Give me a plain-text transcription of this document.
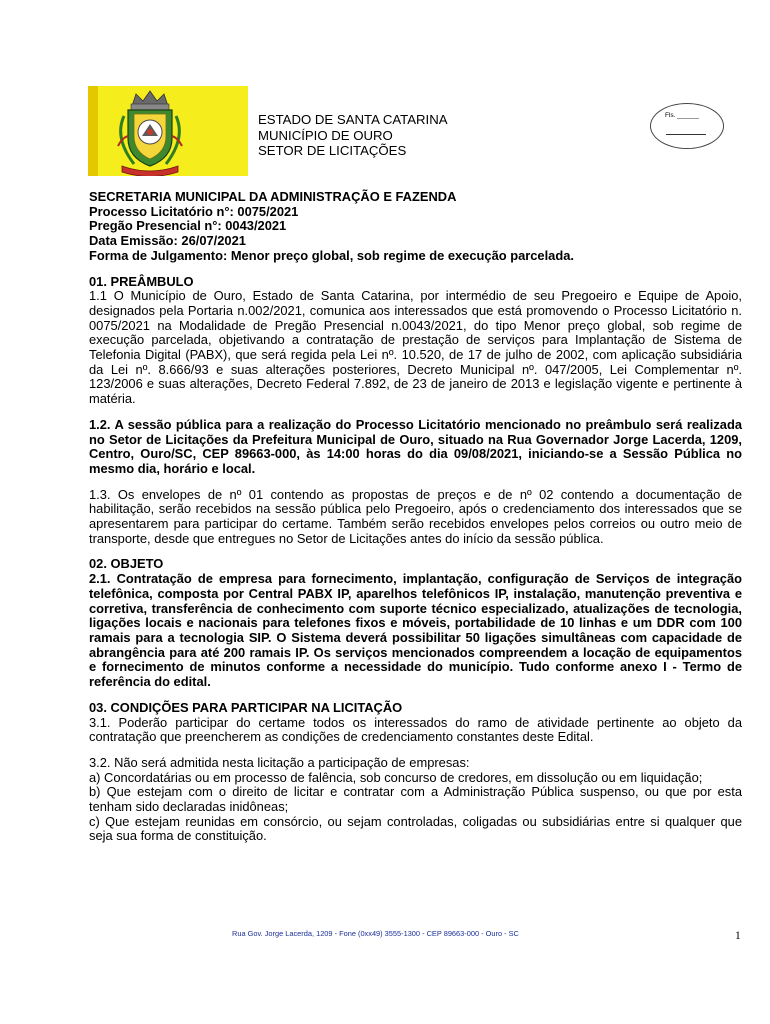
ESTADO DE SANTA CATARINA
MUNICÍPIO DE OURO
SETOR DE LICITAÇÕES
Fls. ______

SECRETARIA MUNICIPAL DA ADMINISTRAÇÃO E FAZENDA

Processo Licitatório n°: 0075/2021

Pregão Presencial n°: 0043/2021

Data Emissão: 26/07/2021

Forma de Julgamento: Menor preço global, sob regime de execução parcelada.

01. PREÂMBULO

1.1 O Município de Ouro, Estado de Santa Catarina, por intermédio de seu Pregoeiro e Equipe de Apoio, designados pela Portaria n.002/2021, comunica aos interessados que está promovendo o Processo Licitatório n. 0075/2021 na Modalidade de Pregão Presencial n.0043/2021, do tipo Menor preço global, sob regime de execução parcelada, objetivando a contratação de prestação de serviços para Implantação de Sistema de Telefonia Digital (PABX), que será regida pela Lei nº. 10.520, de 17 de julho de 2002, com aplicação subsidiária da Lei nº. 8.666/93 e suas alterações posteriores, Decreto Municipal nº. 047/2005, Lei Complementar nº. 123/2006 e suas alterações, Decreto Federal 7.892, de 23 de janeiro de 2013 e legislação vigente e pertinente à matéria.

1.2. A sessão pública para a realização do Processo Licitatório mencionado no preâmbulo será realizada no Setor de Licitações da Prefeitura Municipal de Ouro, situado na Rua Governador Jorge Lacerda, 1209, Centro, Ouro/SC, CEP 89663-000, às 14:00 horas do dia 09/08/2021, iniciando-se a Sessão Pública no mesmo dia, horário e local.

1.3. Os envelopes de nº 01 contendo as propostas de preços e de nº 02 contendo a documentação de habilitação, serão recebidos na sessão pública pelo Pregoeiro, após o credenciamento dos interessados que se apresentarem para participar do certame. Também serão recebidos envelopes pelos correios ou outro meio de transporte, desde que entregues no Setor de Licitações antes do início da sessão pública.

02. OBJETO

2.1. Contratação de empresa para fornecimento, implantação, configuração de Serviços de integração telefônica, composta por Central PABX IP, aparelhos telefônicos IP, instalação, manutenção preventiva e corretiva, transferência de conhecimento com suporte técnico especializado, atualizações de tecnologia, ligações locais e nacionais para telefones fixos e móveis, portabilidade de 10 linhas e um DDR com 100 ramais para a tecnologia SIP. O Sistema deverá possibilitar 50 ligações simultâneas com capacidade de abrangência para até 200 ramais IP. Os serviços mencionados compreendem a locação de equipamentos e fornecimento de minutos conforme a necessidade do município. Tudo conforme anexo I - Termo de referência do edital.

03. CONDIÇÕES PARA PARTICIPAR NA LICITAÇÃO

3.1. Poderão participar do certame todos os interessados do ramo de atividade pertinente ao objeto da contratação que preencherem as condições de credenciamento constantes deste Edital.

3.2. Não será admitida nesta licitação a participação de empresas:

a) Concordatárias ou em processo de falência, sob concurso de credores, em dissolução ou em liquidação;

b) Que estejam com o direito de licitar e contratar com a Administração Pública suspenso, ou que por esta tenham sido declaradas inidôneas;

c) Que estejam reunidas em consórcio, ou sejam controladas, coligadas ou subsidiárias entre si qualquer que seja sua forma de constituição.

Rua Gov. Jorge Lacerda, 1209 - Fone (0xx49) 3555-1300 - CEP 89663-000 - Ouro - SC	1
